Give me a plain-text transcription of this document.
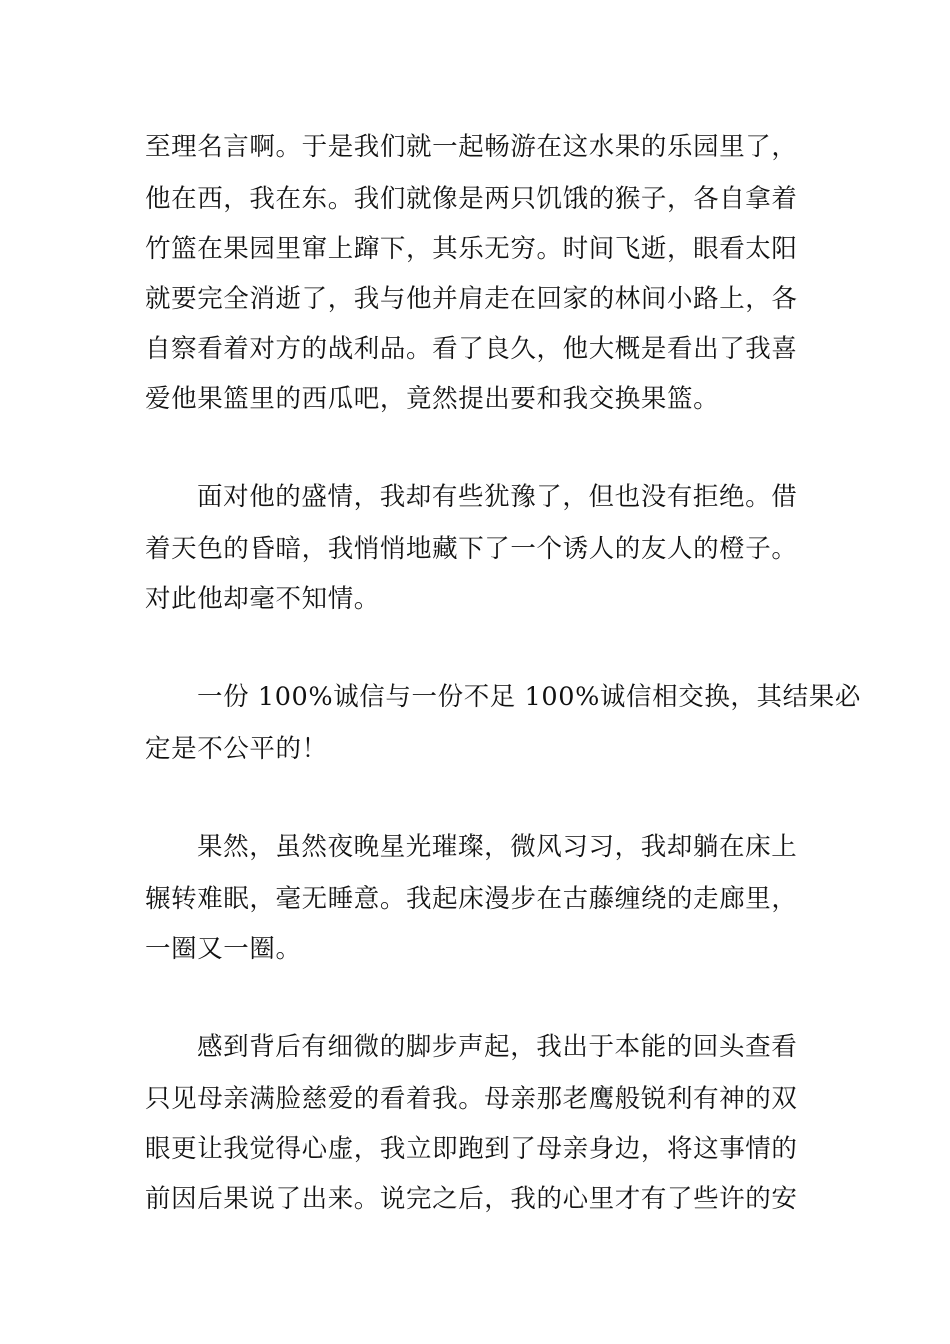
至理名言啊。于是我们就一起畅游在这水果的乐园里了，

他在西，我在东。我们就像是两只饥饿的猴子，各自拿着

竹篮在果园里窜上蹿下，其乐无穷。时间飞逝，眼看太阳

就要完全消逝了，我与他并肩走在回家的林间小路上，各

自察看着对方的战利品。看了良久，他大概是看出了我喜

爱他果篮里的西瓜吧，竟然提出要和我交换果篮。

面对他的盛情，我却有些犹豫了，但也没有拒绝。借

着天色的昏暗，我悄悄地藏下了一个诱人的友人的橙子。

对此他却毫不知情。

一份 100%诚信与一份不足 100%诚信相交换，其结果必

定是不公平的！

果然，虽然夜晚星光璀璨，微风习习，我却躺在床上

辗转难眠，毫无睡意。我起床漫步在古藤缠绕的走廊里，

一圈又一圈。

感到背后有细微的脚步声起，我出于本能的回头查看

只见母亲满脸慈爱的看着我。母亲那老鹰般锐利有神的双

眼更让我觉得心虚，我立即跑到了母亲身边，将这事情的

前因后果说了出来。说完之后，我的心里才有了些许的安
